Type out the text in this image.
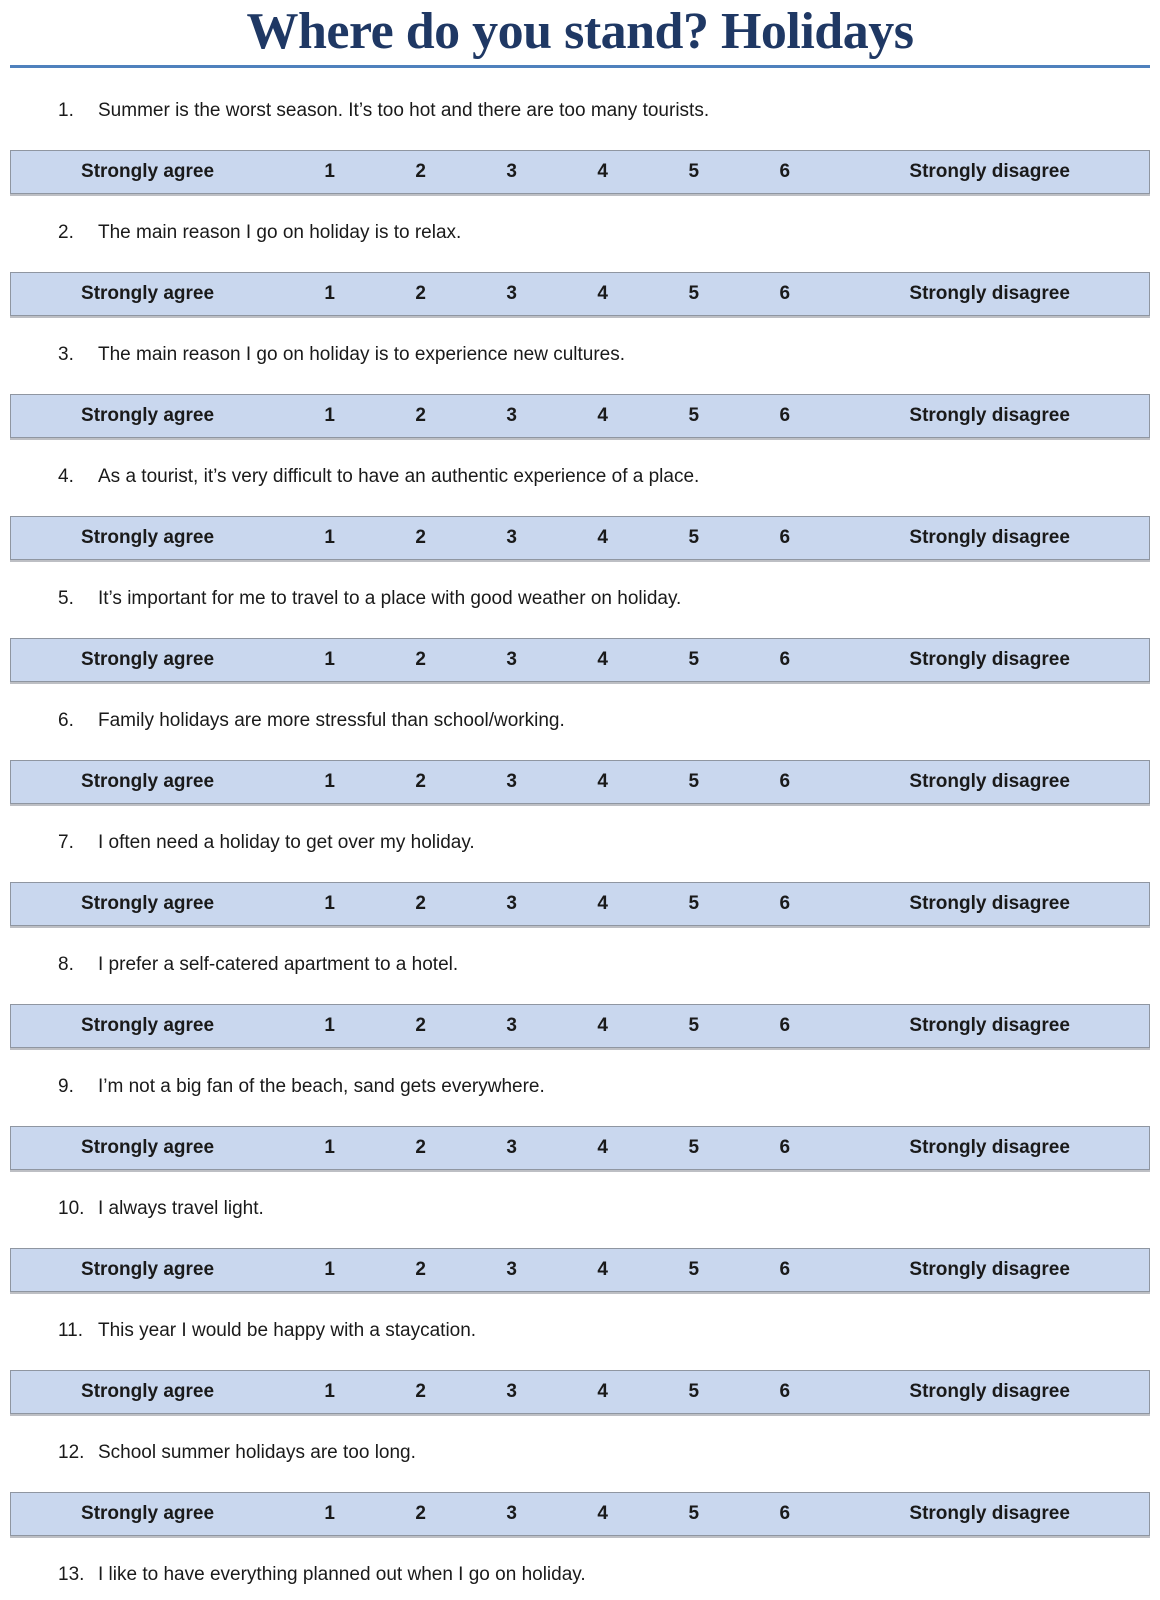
Where do you stand? Holidays

1. Summer is the worst season. It’s too hot and there are too many tourists.

Strongly agree	1	2	3	4	5	6	Strongly disagree

2. The main reason I go on holiday is to relax.

Strongly agree	1	2	3	4	5	6	Strongly disagree

3. The main reason I go on holiday is to experience new cultures.

Strongly agree	1	2	3	4	5	6	Strongly disagree

4. As a tourist, it’s very difficult to have an authentic experience of a place.

Strongly agree	1	2	3	4	5	6	Strongly disagree

5. It’s important for me to travel to a place with good weather on holiday.

Strongly agree	1	2	3	4	5	6	Strongly disagree

6. Family holidays are more stressful than school/working.

Strongly agree	1	2	3	4	5	6	Strongly disagree

7. I often need a holiday to get over my holiday.

Strongly agree	1	2	3	4	5	6	Strongly disagree

8. I prefer a self-catered apartment to a hotel.

Strongly agree	1	2	3	4	5	6	Strongly disagree

9. I’m not a big fan of the beach, sand gets everywhere.

Strongly agree	1	2	3	4	5	6	Strongly disagree

10. I always travel light.

Strongly agree	1	2	3	4	5	6	Strongly disagree

11. This year I would be happy with a staycation.

Strongly agree	1	2	3	4	5	6	Strongly disagree

12. School summer holidays are too long.

Strongly agree	1	2	3	4	5	6	Strongly disagree

13. I like to have everything planned out when I go on holiday.
